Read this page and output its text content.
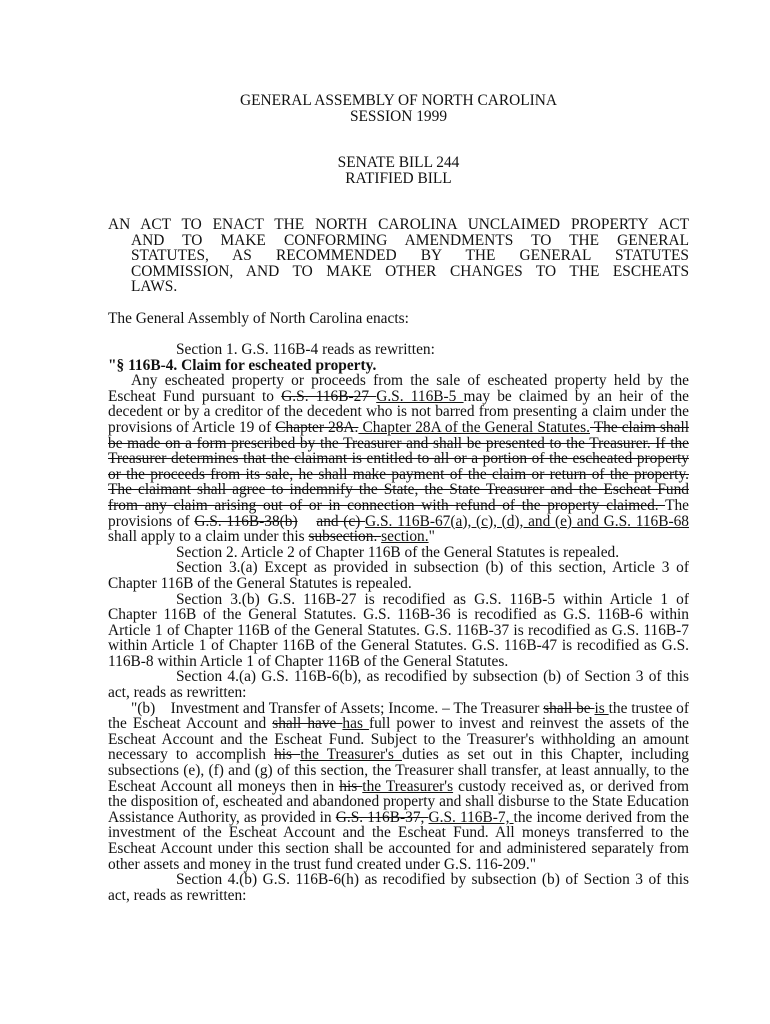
GENERAL ASSEMBLY OF NORTH CAROLINA
SESSION 1999
SENATE BILL 244
RATIFIED BILL
AN ACT TO ENACT THE NORTH CAROLINA UNCLAIMED PROPERTY ACT
AND TO MAKE CONFORMING AMENDMENTS TO THE GENERAL
STATUTES, AS RECOMMENDED BY THE GENERAL STATUTES
COMMISSION, AND TO MAKE OTHER CHANGES TO THE ESCHEATS
LAWS.
The General Assembly of North Carolina enacts:

Section 1. G.S. 116B-4 reads as rewritten:

"§ 116B-4. Claim for escheated property.

Any escheated property or proceeds from the sale of escheated property held by the Escheat Fund pursuant to G.S. 116B-27 G.S. 116B-5 may be claimed by an heir of the decedent or by a creditor of the decedent who is not barred from presenting a claim under the provisions of Article 19 of Chapter 28A. Chapter 28A of the General Statutes. The claim shall be made on a form prescribed by the Treasurer and shall be presented to the Treasurer. If the Treasurer determines that the claimant is entitled to all or a portion of the escheated property or the proceeds from its sale, he shall make payment of the claim or return of the property. The claimant shall agree to indemnify the State, the State Treasurer and the Escheat Fund from any claim arising out of or in connection with refund of the property claimed. The provisions of G.S. 116B-38(b) and (c) G.S. 116B-67(a), (c), (d), and (e) and G.S. 116B-68 shall apply to a claim under this subsection. section."

Section 2. Article 2 of Chapter 116B of the General Statutes is repealed.

Section 3.(a) Except as provided in subsection (b) of this section, Article 3 of Chapter 116B of the General Statutes is repealed.

Section 3.(b) G.S. 116B-27 is recodified as G.S. 116B-5 within Article 1 of Chapter 116B of the General Statutes. G.S. 116B-36 is recodified as G.S. 116B-6 within Article 1 of Chapter 116B of the General Statutes. G.S. 116B-37 is recodified as G.S. 116B-7 within Article 1 of Chapter 116B of the General Statutes. G.S. 116B-47 is recodified as G.S. 116B-8 within Article 1 of Chapter 116B of the General Statutes.

Section 4.(a) G.S. 116B-6(b), as recodified by subsection (b) of Section 3 of this act, reads as rewritten:

"(b)    Investment and Transfer of Assets; Income. – The Treasurer shall be is the trustee of the Escheat Account and shall have has full power to invest and reinvest the assets of the Escheat Account and the Escheat Fund. Subject to the Treasurer's withholding an amount necessary to accomplish his the Treasurer's duties as set out in this Chapter, including subsections (e), (f) and (g) of this section, the Treasurer shall transfer, at least annually, to the Escheat Account all moneys then in his the Treasurer's custody received as, or derived from the disposition of, escheated and abandoned property and shall disburse to the State Education Assistance Authority, as provided in G.S. 116B-37, G.S. 116B-7, the income derived from the investment of the Escheat Account and the Escheat Fund. All moneys transferred to the Escheat Account under this section shall be accounted for and administered separately from other assets and money in the trust fund created under G.S. 116-209."

Section 4.(b) G.S. 116B-6(h) as recodified by subsection (b) of Section 3 of this act, reads as rewritten:
